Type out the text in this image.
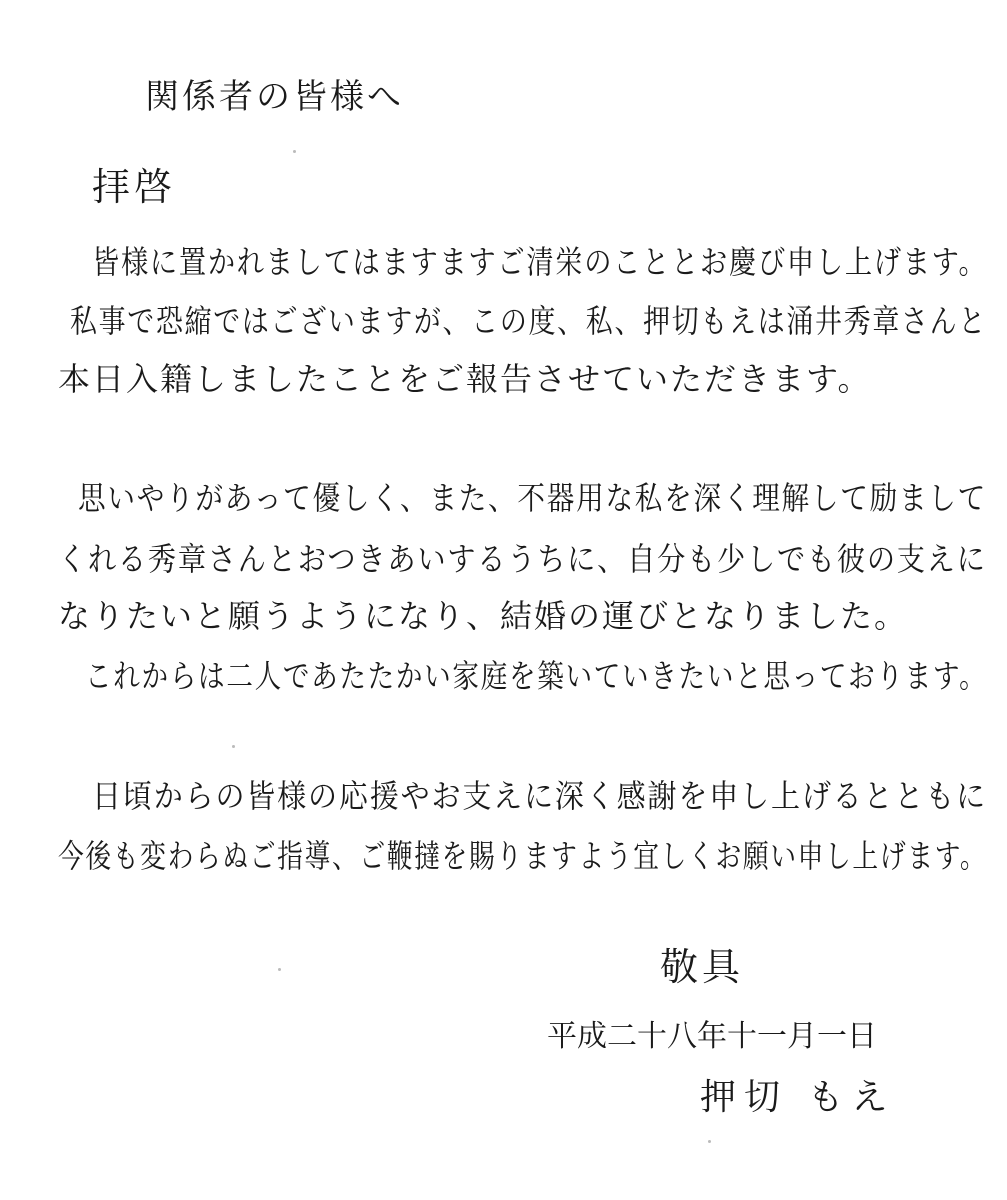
関係者の皆様へ
拝啓
皆様に置かれましてはますますご清栄のこととお慶び申し上げます。
私事で恐縮ではございますが、この度、私、押切もえは涌井秀章さんと
本日入籍しましたことをご報告させていただきます。
思いやりがあって優しく、また、不器用な私を深く理解して励まして
くれる秀章さんとおつきあいするうちに、自分も少しでも彼の支えに
なりたいと願うようになり、結婚の運びとなりました。
これからは二人であたたかい家庭を築いていきたいと思っております。
日頃からの皆様の応援やお支えに深く感謝を申し上げるとともに
今後も変わらぬご指導、ご鞭撻を賜りますよう宜しくお願い申し上げます。
敬具
平成二十八年十一月一日
押切 もえ
